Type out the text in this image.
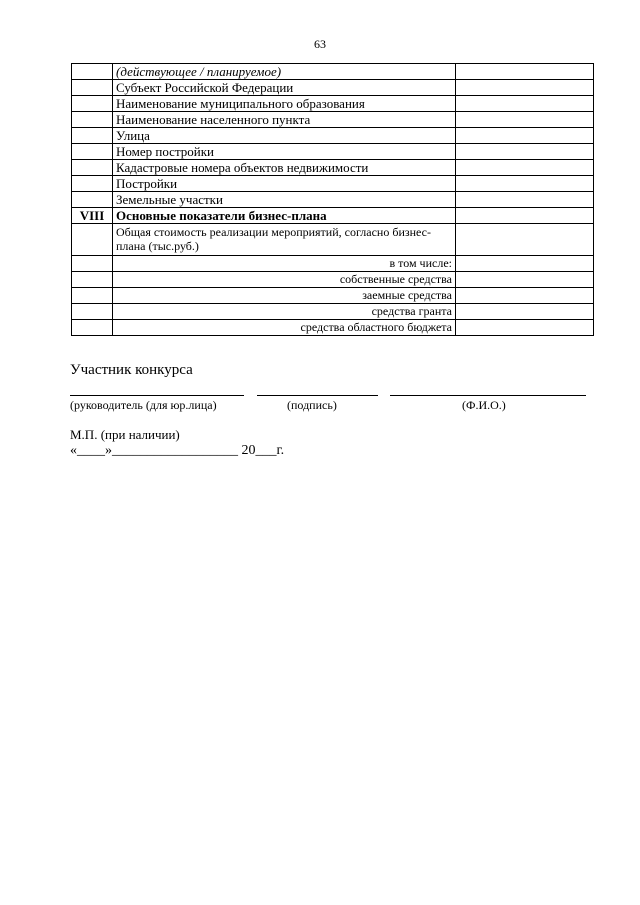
63
	(действующее / планируемое)	
	Субъект Российской Федерации	
	Наименование муниципального образования	
	Наименование населенного пункта	
	Улица	
	Номер постройки	
	Кадастровые номера объектов недвижимости	
	Постройки	
	Земельные участки	
VIII	Основные показатели бизнес-плана	
	Общая стоимость реализации мероприятий, согласно бизнес-плана (тыс.руб.)	
	в том числе:	
	собственные средства	
	заемные средства	
	средства гранта	
	средства областного бюджета	
Участник конкурса
(руководитель (для юр.лица)	(подпись)	(Ф.И.О.)
М.П. (при наличии)
«____»__________________ 20___г.
